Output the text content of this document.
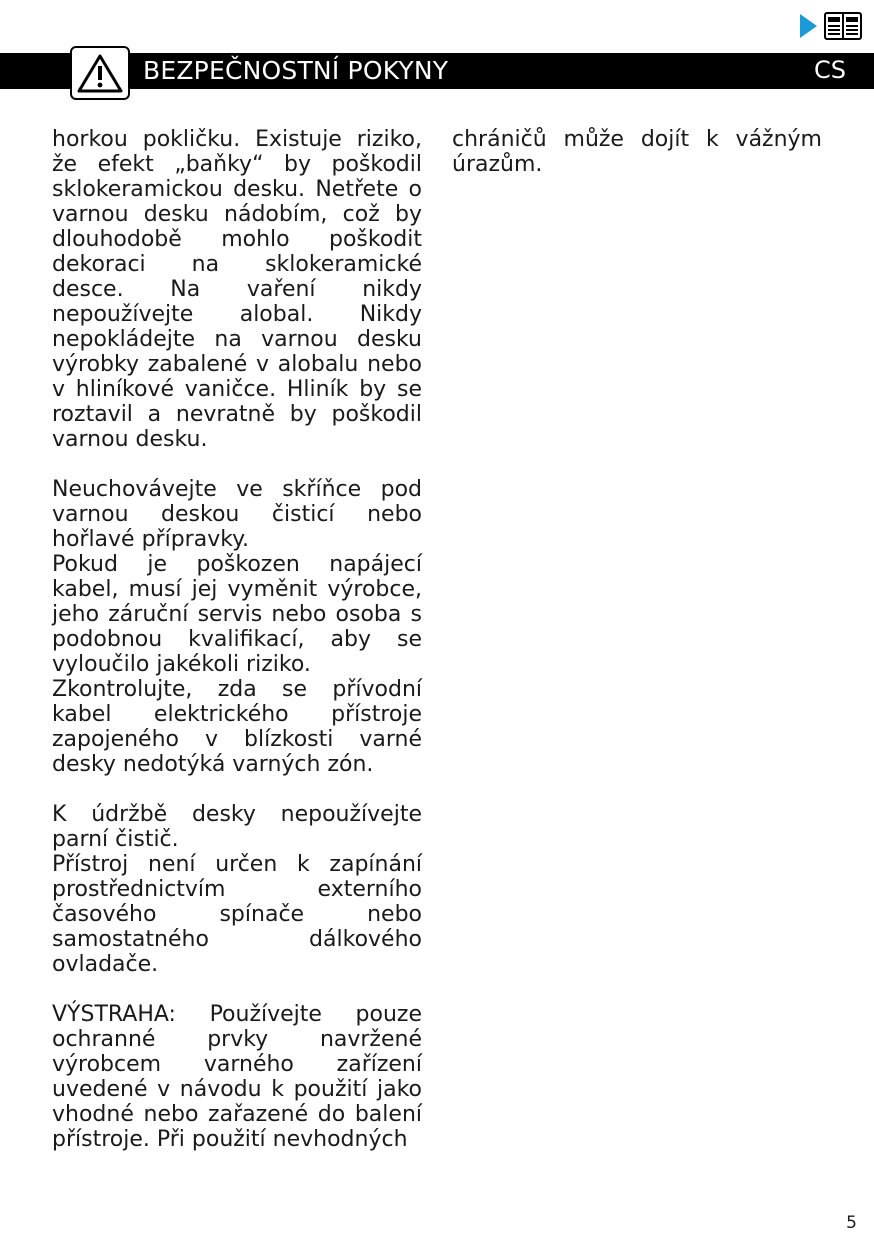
BEZPEČNOSTNÍ POKYNY	CS

horkou pokličku. Existuje riziko, že efekt „baňky“ by poškodil sklokeramickou desku. Netřete o varnou desku nádobím, což by dlouhodobě mohlo poškodit dekoraci na sklokeramické desce. Na vaření nikdy nepoužívejte alobal. Nikdy nepokládejte na varnou desku výrobky zabalené v alobalu nebo v hliníkové vaničce. Hliník by se roztavil a nevratně by poškodil varnou desku.

Neuchovávejte ve skříňce pod varnou deskou čisticí nebo hořlavé přípravky.

Pokud je poškozen napájecí kabel, musí jej vyměnit výrobce, jeho záruční servis nebo osoba s podobnou kvalifikací, aby se vyloučilo jakékoli riziko.

Zkontrolujte, zda se přívodní kabel elektrického přístroje zapojeného v blízkosti varné desky nedotýká varných zón.

K údržbě desky nepoužívejte parní čistič.

Přístroj není určen k zapínání prostřednictvím externího časového spínače nebo samostatného dálkového ovladače.

VÝSTRAHA: Používejte pouze ochranné prvky navržené výrobcem varného zařízení uvedené v návodu k použití jako vhodné nebo zařazené do balení přístroje. Při použití nevhodných

chráničů může dojít k vážným úrazům.

5
